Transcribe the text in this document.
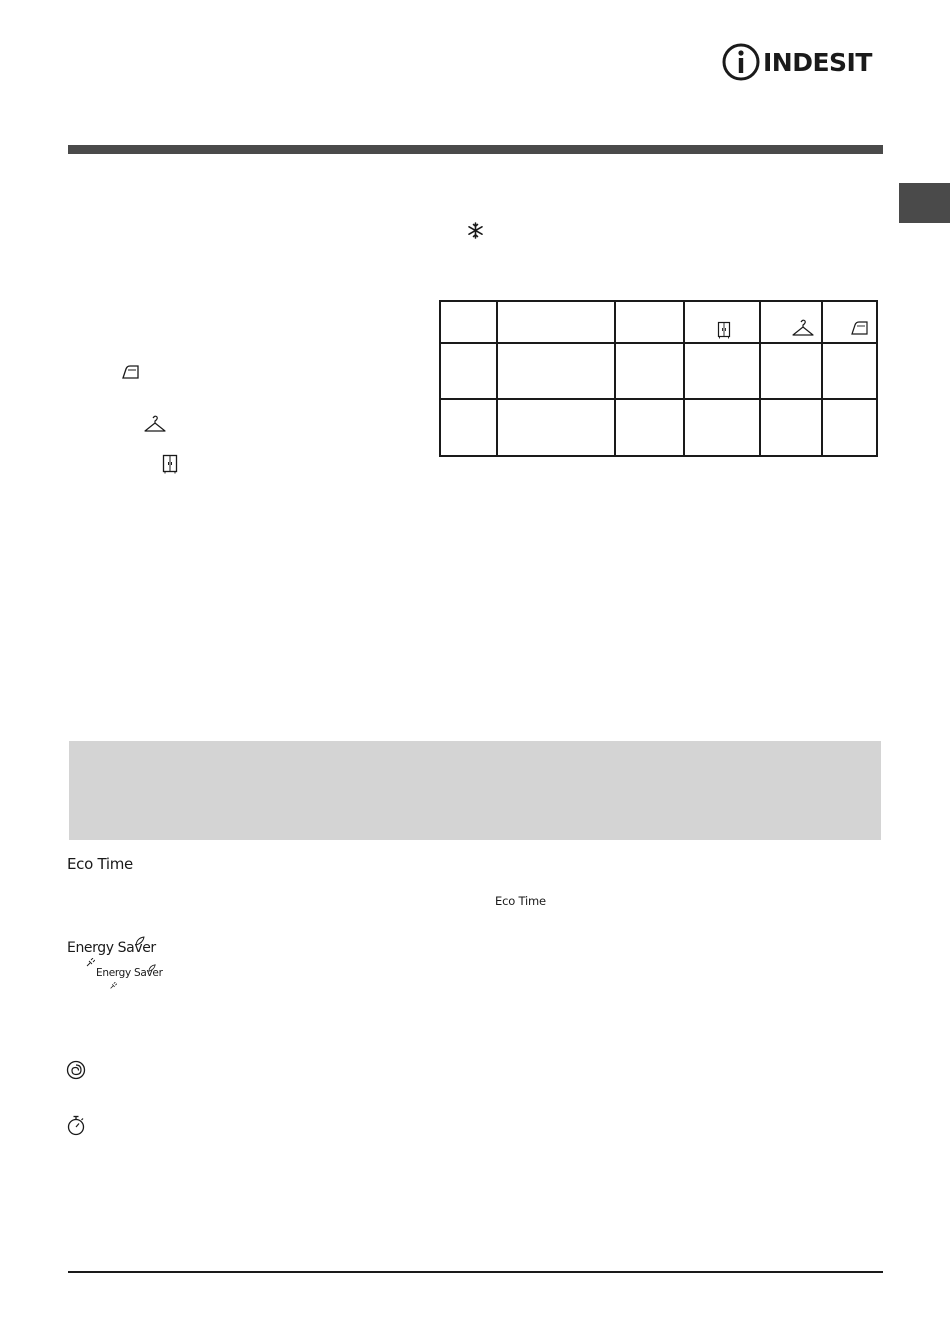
INDESIT
Eco Time
Eco Time
Energy Saver
Energy Saver
